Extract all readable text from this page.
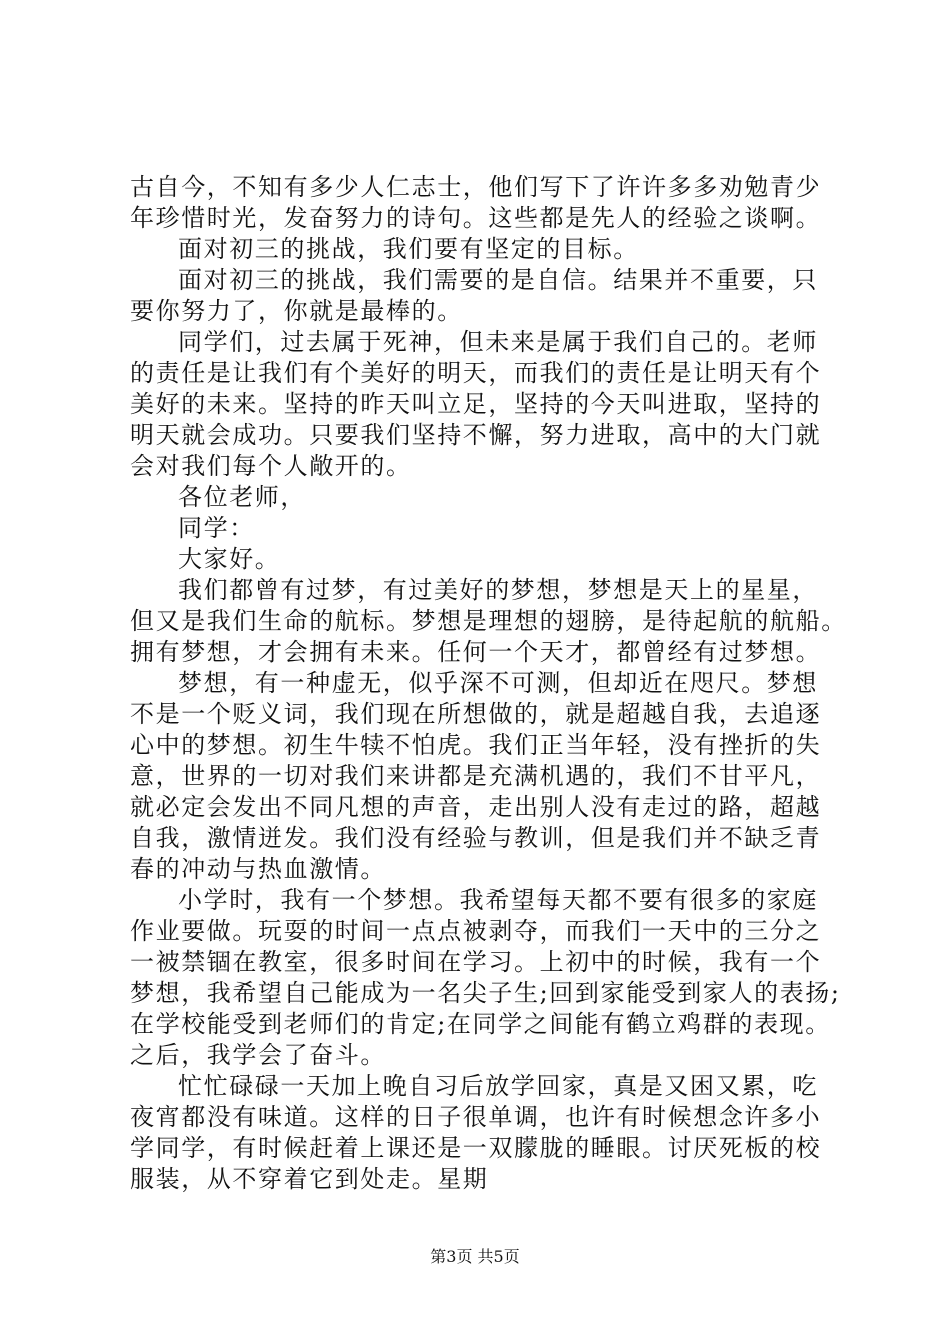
古自今，不知有多少人仁志士，他们写下了许许多多劝勉青少
年珍惜时光，发奋努力的诗句。这些都是先人的经验之谈啊。
面对初三的挑战，我们要有坚定的目标。
面对初三的挑战，我们需要的是自信。结果并不重要，只
要你努力了，你就是最棒的。
同学们，过去属于死神，但未来是属于我们自己的。老师
的责任是让我们有个美好的明天，而我们的责任是让明天有个
美好的未来。坚持的昨天叫立足，坚持的今天叫进取，坚持的
明天就会成功。只要我们坚持不懈，努力进取，高中的大门就
会对我们每个人敞开的。
各位老师，
同学：
大家好。
我们都曾有过梦，有过美好的梦想，梦想是天上的星星，
但又是我们生命的航标。梦想是理想的翅膀，是待起航的航船。
拥有梦想，才会拥有未来。任何一个天才，都曾经有过梦想。
梦想，有一种虚无，似乎深不可测，但却近在咫尺。梦想
不是一个贬义词，我们现在所想做的，就是超越自我，去追逐
心中的梦想。初生牛犊不怕虎。我们正当年轻，没有挫折的失
意，世界的一切对我们来讲都是充满机遇的，我们不甘平凡，
就必定会发出不同凡想的声音，走出别人没有走过的路，超越
自我，激情迸发。我们没有经验与教训，但是我们并不缺乏青
春的冲动与热血激情。
小学时，我有一个梦想。我希望每天都不要有很多的家庭
作业要做。玩耍的时间一点点被剥夺，而我们一天中的三分之
一被禁锢在教室，很多时间在学习。上初中的时候，我有一个
梦想，我希望自己能成为一名尖子生;回到家能受到家人的表扬;
在学校能受到老师们的肯定;在同学之间能有鹤立鸡群的表现。
之后，我学会了奋斗。
忙忙碌碌一天加上晚自习后放学回家，真是又困又累，吃
夜宵都没有味道。这样的日子很单调，也许有时候想念许多小
学同学，有时候赶着上课还是一双朦胧的睡眼。讨厌死板的校
服装，从不穿着它到处走。星期
第3页 共5页
